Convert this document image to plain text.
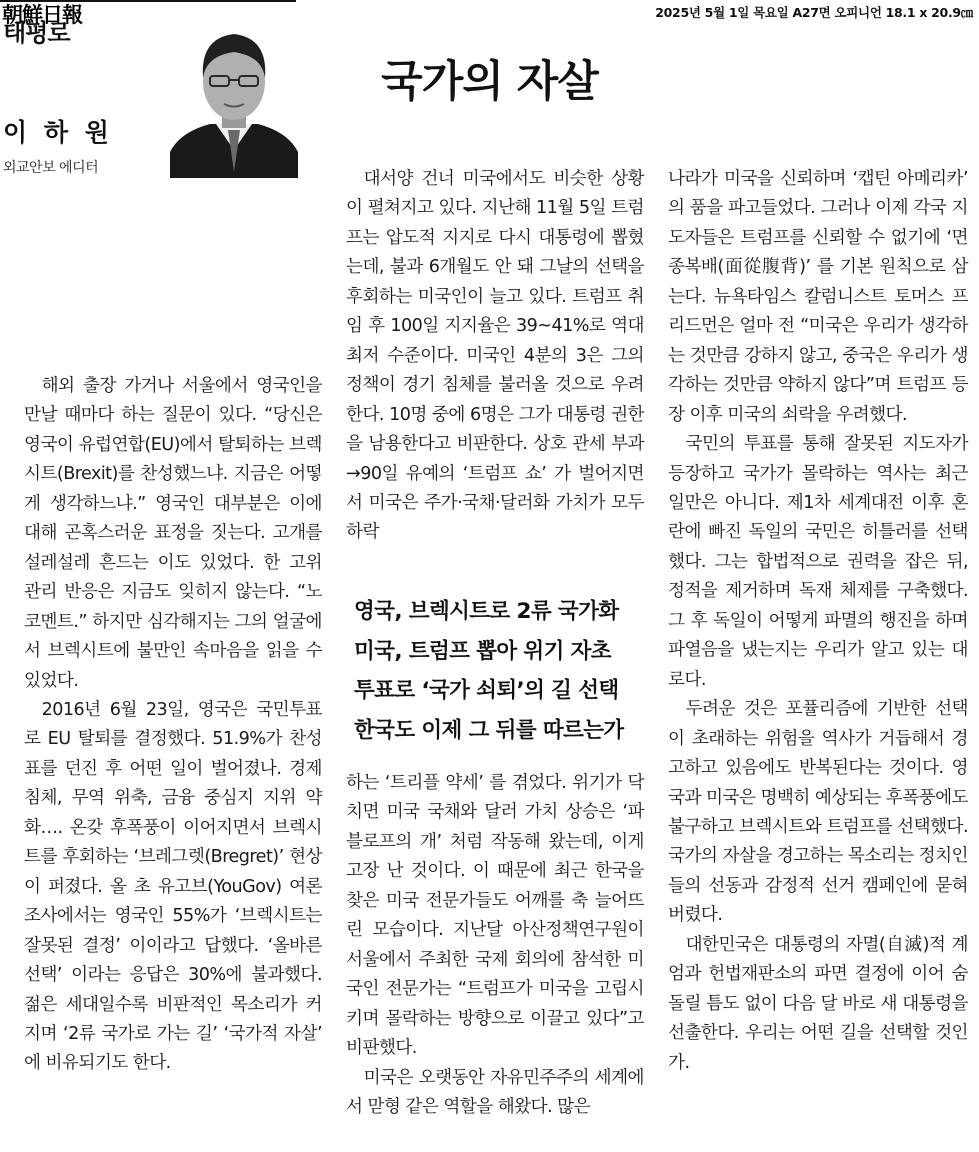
朝鮮日報	2025년 5월 1일 목요일 A27면 오피니언 18.1 x 20.9㎝
국가의 자살
태평로
이 하 원
외교안보 에디터

해외 출장 가거나 서울에서 영국인을 만날 때마다 하는 질문이 있다. “당신은 영국이 유럽연합(EU)에서 탈퇴하는 브렉시트(Brexit)를 찬성했느냐. 지금은 어떻게 생각하느냐.” 영국인 대부분은 이에 대해 곤혹스러운 표정을 짓는다. 고개를 설레설레 흔드는 이도 있었다. 한 고위 관리 반응은 지금도 잊히지 않는다. “노 코멘트.” 하지만 심각해지는 그의 얼굴에서 브렉시트에 불만인 속마음을 읽을 수 있었다.

2016년 6월 23일, 영국은 국민투표로 EU 탈퇴를 결정했다. 51.9%가 찬성표를 던진 후 어떤 일이 벌어졌나. 경제 침체, 무역 위축, 금융 중심지 지위 약화…. 온갖 후폭풍이 이어지면서 브렉시트를 후회하는 ‘브레그렛(Bregret)’ 현상이 퍼졌다. 올 초 유고브(YouGov) 여론조사에서는 영국인 55%가 ‘브렉시트는 잘못된 결정’ 이이라고 답했다. ‘올바른 선택’ 이라는 응답은 30%에 불과했다. 젊은 세대일수록 비판적인 목소리가 커지며 ‘2류 국가로 가는 길’ ‘국가적 자살’ 에 비유되기도 한다.

대서양 건너 미국에서도 비슷한 상황이 펼쳐지고 있다. 지난해 11월 5일 트럼프는 압도적 지지로 다시 대통령에 뽑혔는데, 불과 6개월도 안 돼 그날의 선택을 후회하는 미국인이 늘고 있다. 트럼프 취임 후 100일 지지율은 39~41%로 역대 최저 수준이다. 미국인 4분의 3은 그의 정책이 경기 침체를 불러올 것으로 우려한다. 10명 중에 6명은 그가 대통령 권한을 남용한다고 비판한다. 상호 관세 부과→90일 유예의 ‘트럼프 쇼’ 가 벌어지면서 미국은 주가·국채·달러화 가치가 모두 하락

영국, 브렉시트로 2류 국가화
미국, 트럼프 뽑아 위기 자초
투표로 ‘국가 쇠퇴’의 길 선택
한국도 이제 그 뒤를 따르는가

하는 ‘트리플 약세’ 를 겪었다. 위기가 닥치면 미국 국채와 달러 가치 상승은 ‘파블로프의 개’ 처럼 작동해 왔는데, 이게 고장 난 것이다. 이 때문에 최근 한국을 찾은 미국 전문가들도 어깨를 축 늘어뜨린 모습이다. 지난달 아산정책연구원이 서울에서 주최한 국제 회의에 참석한 미국인 전문가는 “트럼프가 미국을 고립시키며 몰락하는 방향으로 이끌고 있다”고 비판했다.

미국은 오랫동안 자유민주주의 세계에서 맏형 같은 역할을 해왔다. 많은

나라가 미국을 신뢰하며 ‘캡틴 아메리카’ 의 품을 파고들었다. 그러나 이제 각국 지도자들은 트럼프를 신뢰할 수 없기에 ‘면종복배(面從腹背)’ 를 기본 원칙으로 삼는다. 뉴욕타임스 칼럼니스트 토머스 프리드먼은 얼마 전 “미국은 우리가 생각하는 것만큼 강하지 않고, 중국은 우리가 생각하는 것만큼 약하지 않다”며 트럼프 등장 이후 미국의 쇠락을 우려했다.

국민의 투표를 통해 잘못된 지도자가 등장하고 국가가 몰락하는 역사는 최근 일만은 아니다. 제1차 세계대전 이후 혼란에 빠진 독일의 국민은 히틀러를 선택했다. 그는 합법적으로 권력을 잡은 뒤, 정적을 제거하며 독재 체제를 구축했다. 그 후 독일이 어떻게 파멸의 행진을 하며 파열음을 냈는지는 우리가 알고 있는 대로다.

두려운 것은 포퓰리즘에 기반한 선택이 초래하는 위험을 역사가 거듭해서 경고하고 있음에도 반복된다는 것이다. 영국과 미국은 명백히 예상되는 후폭풍에도 불구하고 브렉시트와 트럼프를 선택했다. 국가의 자살을 경고하는 목소리는 정치인들의 선동과 감정적 선거 캠페인에 묻혀버렸다.

대한민국은 대통령의 자멸(自滅)적 계엄과 헌법재판소의 파면 결정에 이어 숨 돌릴 틈도 없이 다음 달 바로 새 대통령을 선출한다. 우리는 어떤 길을 선택할 것인가.
